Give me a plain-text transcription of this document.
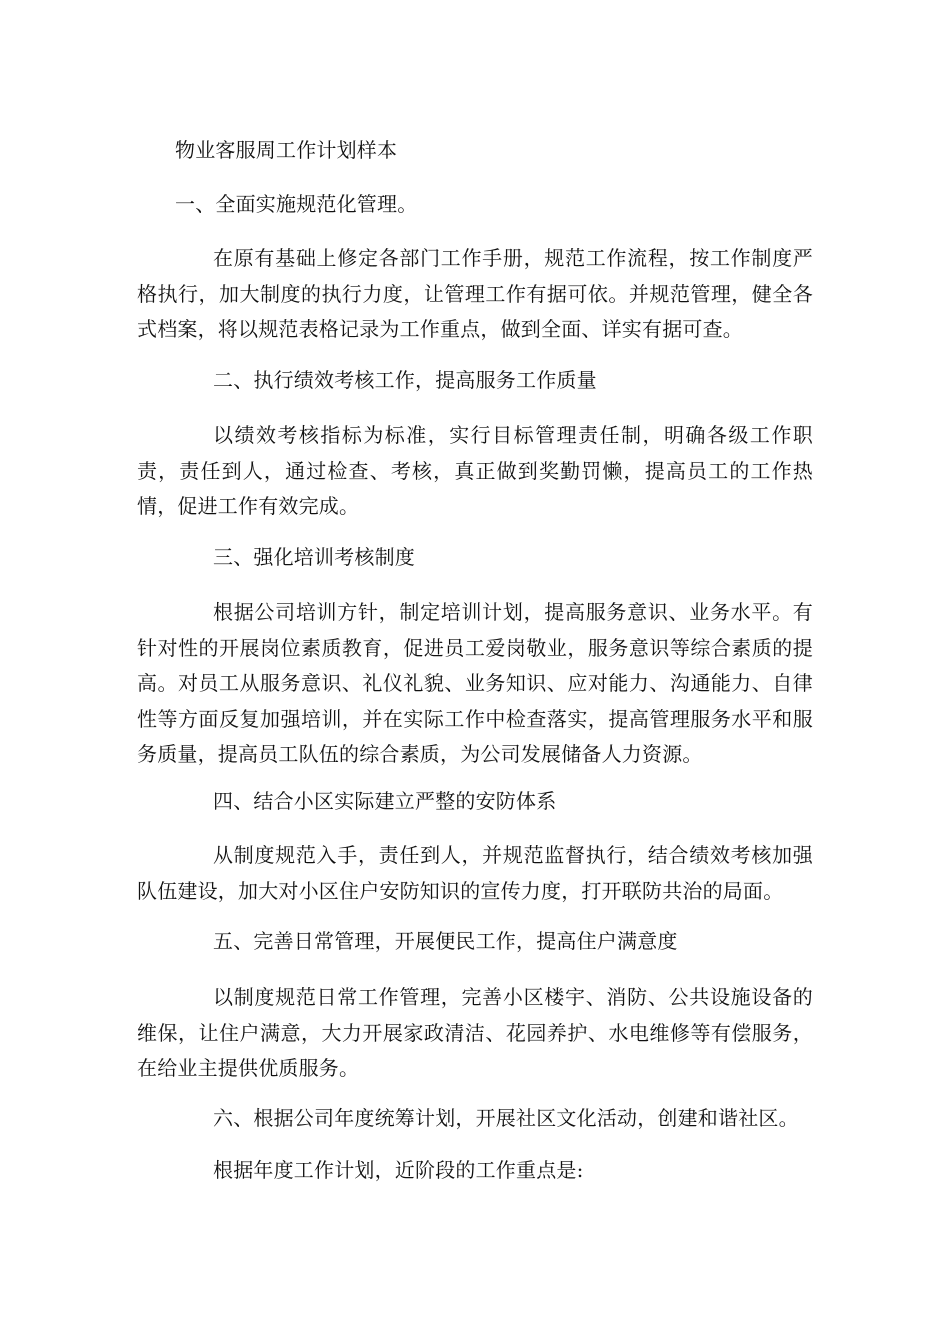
物业客服周工作计划样本

一、全面实施规范化管理。

在原有基础上修定各部门工作手册，规范工作流程，按工作制度严格执行，加大制度的执行力度，让管理工作有据可依。并规范管理，健全各式档案，将以规范表格记录为工作重点，做到全面、详实有据可查。

二、执行绩效考核工作，提高服务工作质量

以绩效考核指标为标准，实行目标管理责任制，明确各级工作职责，责任到人，通过检查、考核，真正做到奖勤罚懒，提高员工的工作热情，促进工作有效完成。

三、强化培训考核制度

根据公司培训方针，制定培训计划，提高服务意识、业务水平。有针对性的开展岗位素质教育，促进员工爱岗敬业，服务意识等综合素质的提高。对员工从服务意识、礼仪礼貌、业务知识、应对能力、沟通能力、自律性等方面反复加强培训，并在实际工作中检查落实，提高管理服务水平和服务质量，提高员工队伍的综合素质，为公司发展储备人力资源。

四、结合小区实际建立严整的安防体系

从制度规范入手，责任到人，并规范监督执行，结合绩效考核加强队伍建设，加大对小区住户安防知识的宣传力度，打开联防共治的局面。

五、完善日常管理，开展便民工作，提高住户满意度

以制度规范日常工作管理，完善小区楼宇、消防、公共设施设备的维保，让住户满意，大力开展家政清洁、花园养护、水电维修等有偿服务，在给业主提供优质服务。

六、根据公司年度统筹计划，开展社区文化活动，创建和谐社区。

根据年度工作计划，近阶段的工作重点是:
